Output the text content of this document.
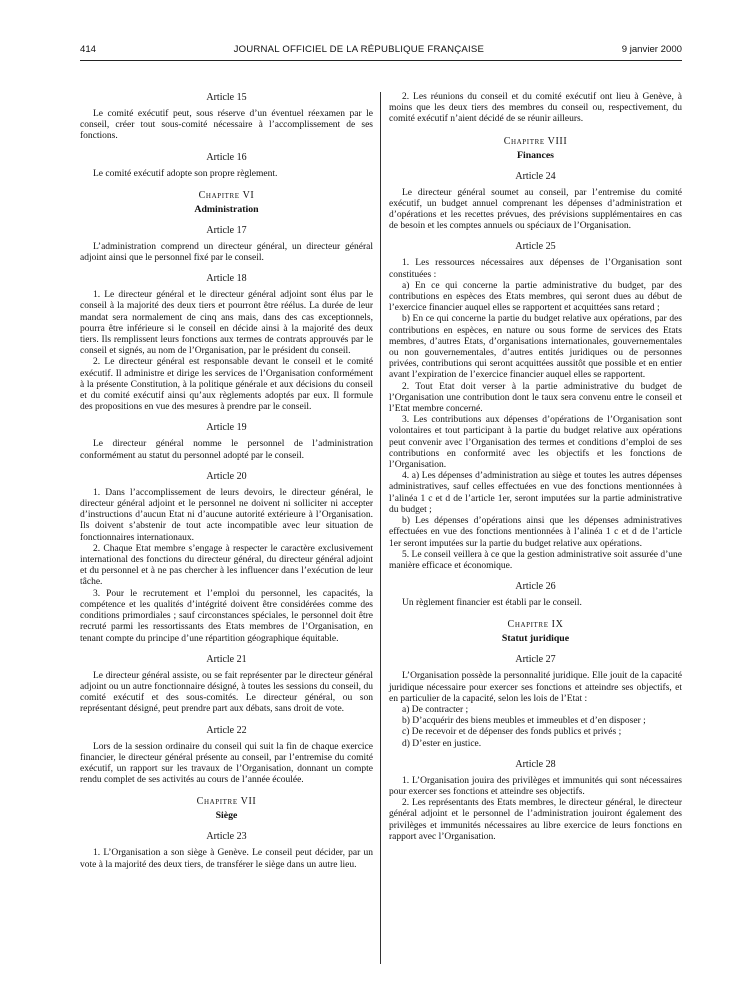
414	JOURNAL OFFICIEL DE LA RÉPUBLIQUE FRANÇAISE	9 janvier 2000
Article 15

Le comité exécutif peut, sous réserve d’un éventuel réexamen par le conseil, créer tout sous-comité nécessaire à l’accomplissement de ses fonctions.

Article 16

Le comité exécutif adopte son propre règlement.

Chapitre VI
Administration
Article 17

L’administration comprend un directeur général, un directeur général adjoint ainsi que le personnel fixé par le conseil.

Article 18

1. Le directeur général et le directeur général adjoint sont élus par le conseil à la majorité des deux tiers et pourront être réélus. La durée de leur mandat sera normalement de cinq ans mais, dans des cas exceptionnels, pourra être inférieure si le conseil en décide ainsi à la majorité des deux tiers. Ils remplissent leurs fonctions aux termes de contrats approuvés par le conseil et signés, au nom de l’Organisation, par le président du conseil.

2. Le directeur général est responsable devant le conseil et le comité exécutif. Il administre et dirige les services de l’Organisation conformément à la présente Constitution, à la politique générale et aux décisions du conseil et du comité exécutif ainsi qu’aux règlements adoptés par eux. Il formule des propositions en vue des mesures à prendre par le conseil.

Article 19

Le directeur général nomme le personnel de l’administration conformément au statut du personnel adopté par le conseil.

Article 20

1. Dans l’accomplissement de leurs devoirs, le directeur général, le directeur général adjoint et le personnel ne doivent ni solliciter ni accepter d’instructions d’aucun Etat ni d’aucune autorité extérieure à l’Organisation. Ils doivent s’abstenir de tout acte incompatible avec leur situation de fonctionnaires internationaux.

2. Chaque Etat membre s’engage à respecter le caractère exclusivement international des fonctions du directeur général, du directeur général adjoint et du personnel et à ne pas chercher à les influencer dans l’exécution de leur tâche.

3. Pour le recrutement et l’emploi du personnel, les capacités, la compétence et les qualités d’intégrité doivent être considérées comme des conditions primordiales ; sauf circonstances spéciales, le personnel doit être recruté parmi les ressortissants des Etats membres de l’Organisation, en tenant compte du principe d’une répartition géographique équitable.

Article 21

Le directeur général assiste, ou se fait représenter par le directeur général adjoint ou un autre fonctionnaire désigné, à toutes les sessions du conseil, du comité exécutif et des sous-comités. Le directeur général, ou son représentant désigné, peut prendre part aux débats, sans droit de vote.

Article 22

Lors de la session ordinaire du conseil qui suit la fin de chaque exercice financier, le directeur général présente au conseil, par l’entremise du comité exécutif, un rapport sur les travaux de l’Organisation, donnant un compte rendu complet de ses activités au cours de l’année écoulée.

Chapitre VII
Siège
Article 23

1. L’Organisation a son siège à Genève. Le conseil peut décider, par un vote à la majorité des deux tiers, de transférer le siège dans un autre lieu.

2. Les réunions du conseil et du comité exécutif ont lieu à Genève, à moins que les deux tiers des membres du conseil ou, respectivement, du comité exécutif n’aient décidé de se réunir ailleurs.

Chapitre VIII
Finances
Article 24

Le directeur général soumet au conseil, par l’entremise du comité exécutif, un budget annuel comprenant les dépenses d’administration et d’opérations et les recettes prévues, des prévisions supplémentaires en cas de besoin et les comptes annuels ou spéciaux de l’Organisation.

Article 25

1. Les ressources nécessaires aux dépenses de l’Organisation sont constituées :

a) En ce qui concerne la partie administrative du budget, par des contributions en espèces des Etats membres, qui seront dues au début de l’exercice financier auquel elles se rapportent et acquittées sans retard ;

b) En ce qui concerne la partie du budget relative aux opérations, par des contributions en espèces, en nature ou sous forme de services des Etats membres, d’autres Etats, d’organisations internationales, gouvernementales ou non gouvernementales, d’autres entités juridiques ou de personnes privées, contributions qui seront acquittées aussitôt que possible et en entier avant l’expiration de l’exercice financier auquel elles se rapportent.

2. Tout Etat doit verser à la partie administrative du budget de l’Organisation une contribution dont le taux sera convenu entre le conseil et l’Etat membre concerné.

3. Les contributions aux dépenses d’opérations de l’Organisation sont volontaires et tout participant à la partie du budget relative aux opérations peut convenir avec l’Organisation des termes et conditions d’emploi de ses contributions en conformité avec les objectifs et les fonctions de l’Organisation.

4. a) Les dépenses d’administration au siège et toutes les autres dépenses administratives, sauf celles effectuées en vue des fonctions mentionnées à l’alinéa 1 c et d de l’article 1er, seront imputées sur la partie administrative du budget ;

b) Les dépenses d’opérations ainsi que les dépenses administratives effectuées en vue des fonctions mentionnées à l’alinéa 1 c et d de l’article 1er seront imputées sur la partie du budget relative aux opérations.

5. Le conseil veillera à ce que la gestion administrative soit assurée d’une manière efficace et économique.

Article 26

Un règlement financier est établi par le conseil.

Chapitre IX
Statut juridique
Article 27

L’Organisation possède la personnalité juridique. Elle jouit de la capacité juridique nécessaire pour exercer ses fonctions et atteindre ses objectifs, et en particulier de la capacité, selon les lois de l’Etat :

a) De contracter ;

b) D’acquérir des biens meubles et immeubles et d’en disposer ;

c) De recevoir et de dépenser des fonds publics et privés ;

d) D’ester en justice.

Article 28

1. L’Organisation jouira des privilèges et immunités qui sont nécessaires pour exercer ses fonctions et atteindre ses objectifs.

2. Les représentants des Etats membres, le directeur général, le directeur général adjoint et le personnel de l’administration jouiront également des privilèges et immunités nécessaires au libre exercice de leurs fonctions en rapport avec l’Organisation.
